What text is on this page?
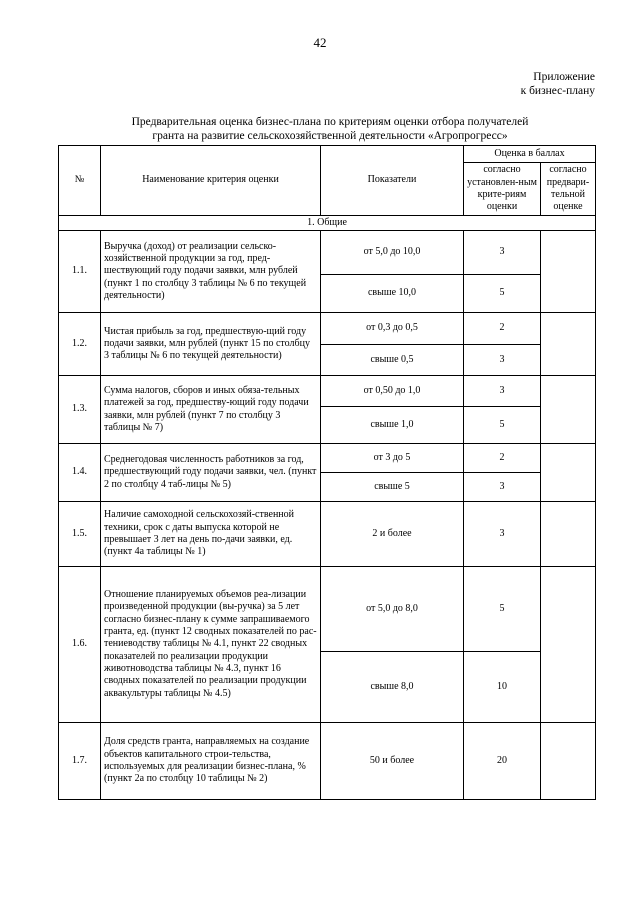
42
Приложение
к бизнес-плану
Предварительная оценка бизнес-плана по критериям оценки отбора получателей
гранта на развитие сельскохозяйственной деятельности «Агропрогресс»
№	Наименование критерия оценки	Показатели	Оценка в баллах	
			согласно установлен-ным крите-риям оценки	согласно предвари-тельной оценке
1. Общие				
1.1.	Выручка (доход) от реализации сельско-хозяйственной продукции за год, пред-шествующий году подачи заявки, млн рублей (пункт 1 по столбцу 3 таблицы № 6 по текущей деятельности)	от 5,0 до 10,0	3	
		свыше 10,0	5	
1.2.	Чистая прибыль за год, предшествую-щий году подачи заявки, млн рублей (пункт 15 по столбцу 3 таблицы № 6 по текущей деятельности)	от 0,3 до 0,5	2	
		свыше 0,5	3	
1.3.	Сумма налогов, сборов и иных обяза-тельных платежей за год, предшеству-ющий году подачи заявки, млн рублей (пункт 7 по столбцу 3 таблицы № 7)	от 0,50 до 1,0	3	
		свыше 1,0	5	
1.4.	Среднегодовая численность работников за год, предшествующий году подачи заявки, чел. (пункт 2 по столбцу 4 таб-лицы № 5)	от 3 до 5	2	
		свыше 5	3	
1.5.	Наличие самоходной сельскохозяй-ственной техники, срок с даты выпуска которой не превышает 3 лет на день по-дачи заявки, ед. (пункт 4а таблицы № 1)	2 и более	3	
1.6.	Отношение планируемых объемов реа-лизации произведенной продукции (вы-ручка) за 5 лет согласно бизнес-плану к сумме запрашиваемого гранта, ед. (пункт 12 сводных показателей по рас-тениеводству таблицы № 4.1, пункт 22 сводных показателей по реализации продукции животноводства таблицы № 4.3, пункт 16 сводных показателей по реализации продукции аквакультуры таблицы № 4.5)	от 5,0 до 8,0	5	
		свыше 8,0	10	
1.7.	Доля средств гранта, направляемых на создание объектов капитального строи-тельства, используемых для реализации бизнес-плана, % (пункт 2а по столбцу 10 таблицы № 2)	50 и более	20	
